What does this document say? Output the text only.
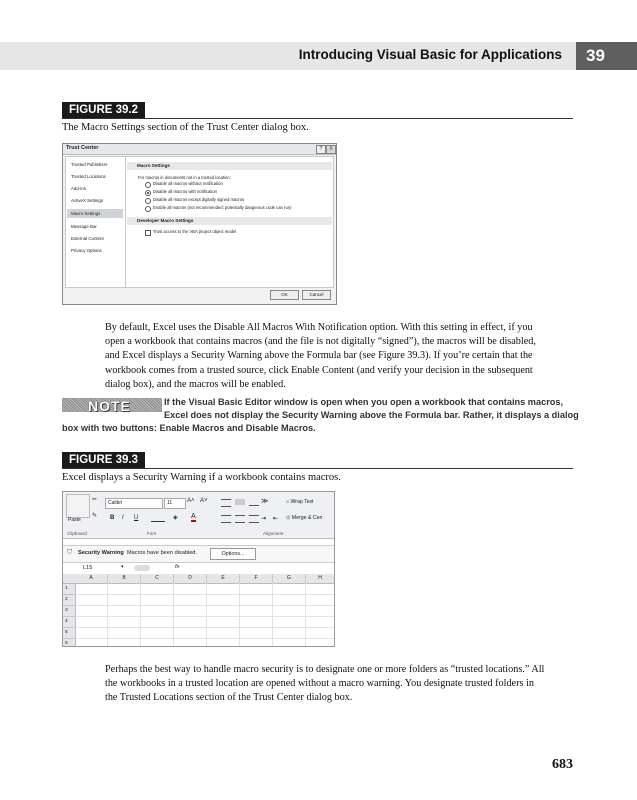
Introducing Visual Basic for Applications	39
FIGURE 39.2
The Macro Settings section of the Trust Center dialog box.
Trust Center	?	X
Trusted Publishers
Trusted Locations
Add-ins
ActiveX Settings
Macro Settings
Message Bar
External Content
Privacy Options
Macro Settings
For macros in documents not in a trusted location:
Disable all macros without notification
Disable all macros with notification
Disable all macros except digitally signed macros
Enable all macros (not recommended; potentially dangerous code can run)
Developer Macro Settings
Trust access to the VBA project object model
OK	Cancel
By default, Excel uses the Disable All Macros With Notification option. With this setting in effect, if you
open a workbook that contains macros (and the file is not digitally “signed”), the macros will be disabled,
and Excel displays a Security Warning above the Formula bar (see Figure 39.3). If you’re certain that the
workbook comes from a trusted source, click Enable Content (and verify your decision in the subsequent
dialog box), and the macros will be enabled.
NOTE	If the Visual Basic Editor window is open when you open a workbook that contains macros,
Excel does not display the Security Warning above the Formula bar. Rather, it displays a dialog
box with two buttons: Enable Macros and Disable Macros.
FIGURE 39.3
Excel displays a Security Warning if a workbook contains macros.
Paste
✂
✎
Calibri	11 A˄ A˅
B I U	◈ A
≫
⇥ ⇤
≡ Wrap Text
⊞ Merge & Cen
Clipboard	Font	Alignment
⛉ Security Warning Macros have been disabled.	Options...
L15	▾	fx
A	B	C	D	E	F	G	H
1
2
3
4
5
6
Perhaps the best way to handle macro security is to designate one or more folders as “trusted locations.” All
the workbooks in a trusted location are opened without a macro warning. You designate trusted folders in
the Trusted Locations section of the Trust Center dialog box.
683
